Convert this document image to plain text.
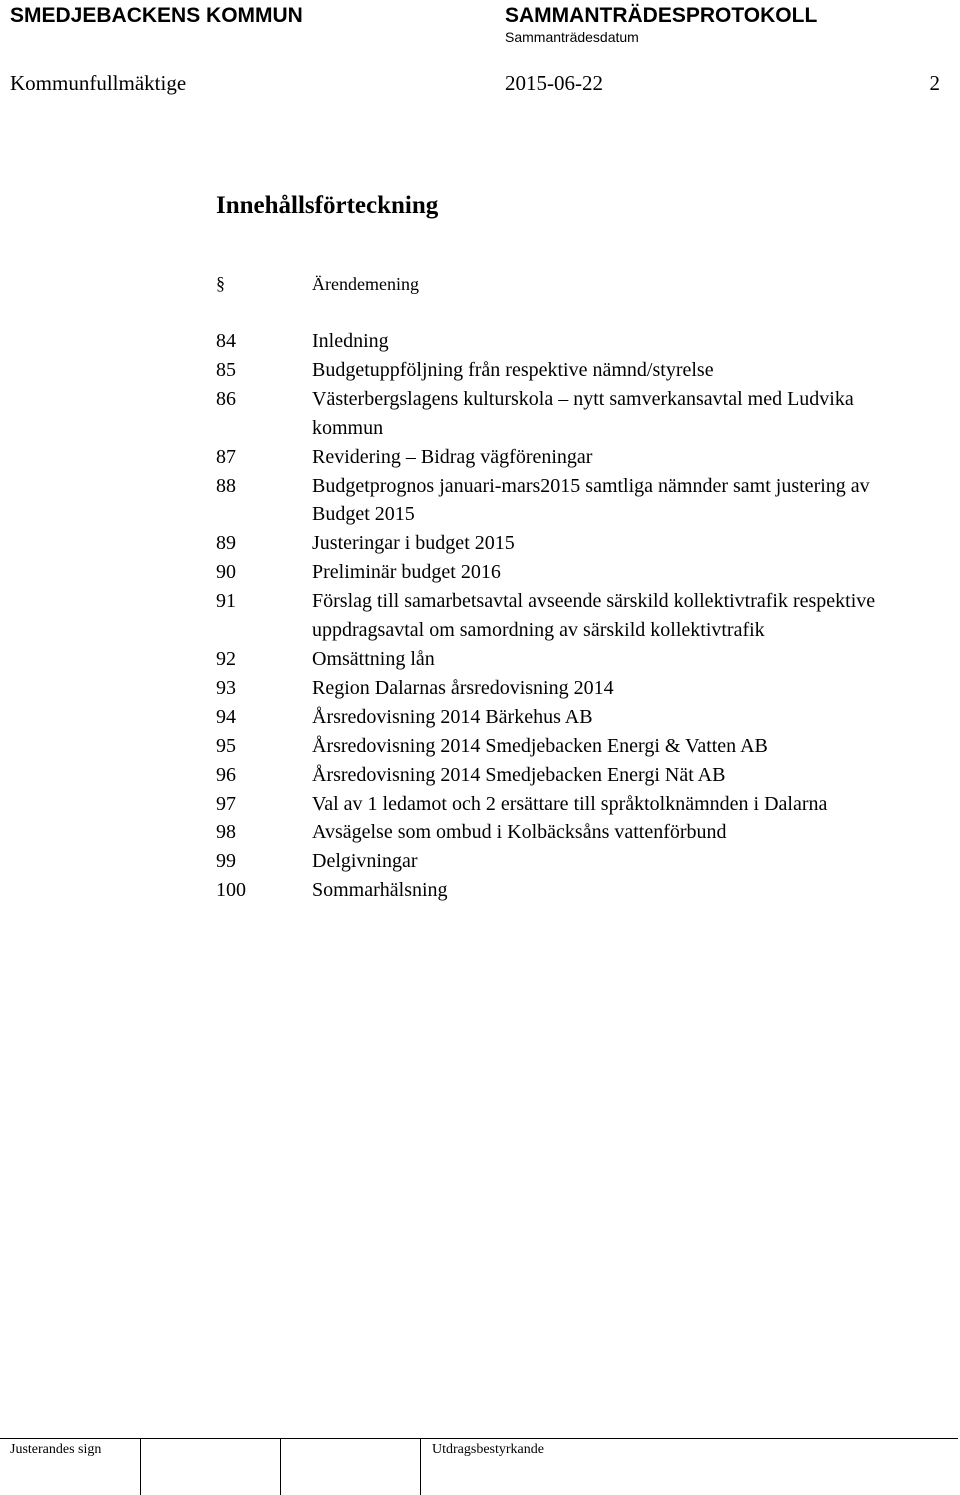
SMEDJEBACKENS KOMMUN	SAMMANTRÄDESPROTOKOLL
Sammanträdesdatum
Kommunfullmäktige	2015-06-22	2
Innehållsförteckning
§	Ärendemening
84	Inledning
85	Budgetuppföljning från respektive nämnd/styrelse
86	Västerbergslagens kulturskola – nytt samverkansavtal med Ludvika kommun
87	Revidering – Bidrag vägföreningar
88	Budgetprognos januari-mars2015 samtliga nämnder samt justering av Budget 2015
89	Justeringar i budget 2015
90	Preliminär budget 2016
91	Förslag till samarbetsavtal avseende särskild kollektivtrafik respektive uppdragsavtal om samordning av särskild kollektivtrafik
92	Omsättning lån
93	Region Dalarnas årsredovisning 2014
94	Årsredovisning 2014 Bärkehus AB
95	Årsredovisning 2014 Smedjebacken Energi & Vatten AB
96	Årsredovisning 2014 Smedjebacken Energi Nät AB
97	Val av 1 ledamot och 2 ersättare till språktolknämnden i Dalarna
98	Avsägelse som ombud i Kolbäcksåns vattenförbund
99	Delgivningar
100	Sommarhälsning
Justerandes sign	Utdragsbestyrkande
